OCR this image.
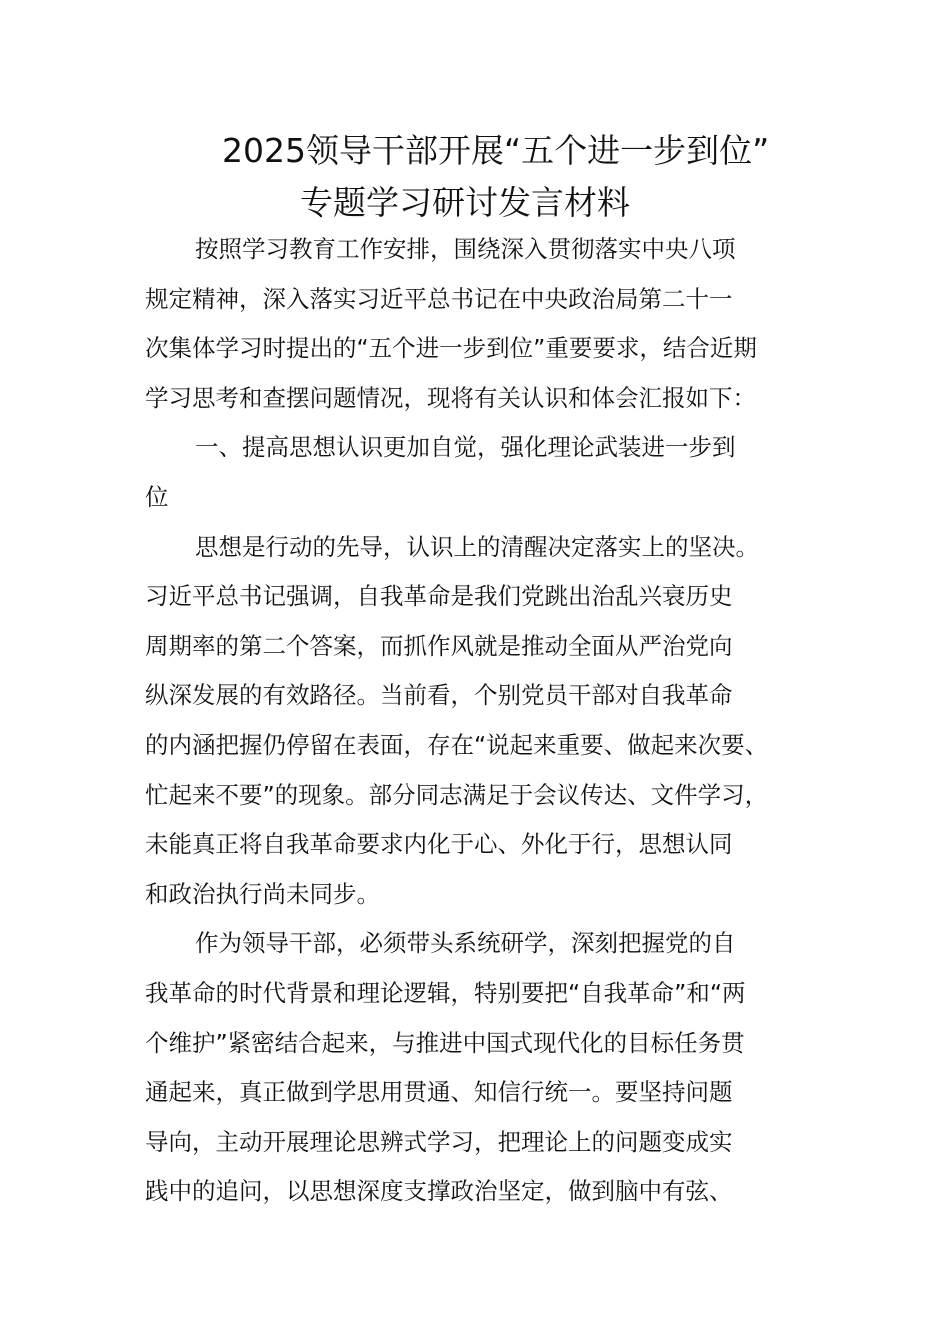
2025领导干部开展“五个进一步到位”
专题学习研讨发言材料
按照学习教育工作安排，围绕深入贯彻落实中央八项
规定精神，深入落实习近平总书记在中央政治局第二十一
次集体学习时提出的“五个进一步到位”重要要求，结合近期
学习思考和查摆问题情况，现将有关认识和体会汇报如下：
一、提高思想认识更加自觉，强化理论武装进一步到
位
思想是行动的先导，认识上的清醒决定落实上的坚决。
习近平总书记强调，自我革命是我们党跳出治乱兴衰历史
周期率的第二个答案，而抓作风就是推动全面从严治党向
纵深发展的有效路径。当前看，个别党员干部对自我革命
的内涵把握仍停留在表面，存在“说起来重要、做起来次要、
忙起来不要”的现象。部分同志满足于会议传达、文件学习，
未能真正将自我革命要求内化于心、外化于行，思想认同
和政治执行尚未同步。
作为领导干部，必须带头系统研学，深刻把握党的自
我革命的时代背景和理论逻辑，特别要把“自我革命”和“两
个维护”紧密结合起来，与推进中国式现代化的目标任务贯
通起来，真正做到学思用贯通、知信行统一。要坚持问题
导向，主动开展理论思辨式学习，把理论上的问题变成实
践中的追问，以思想深度支撑政治坚定，做到脑中有弦、
